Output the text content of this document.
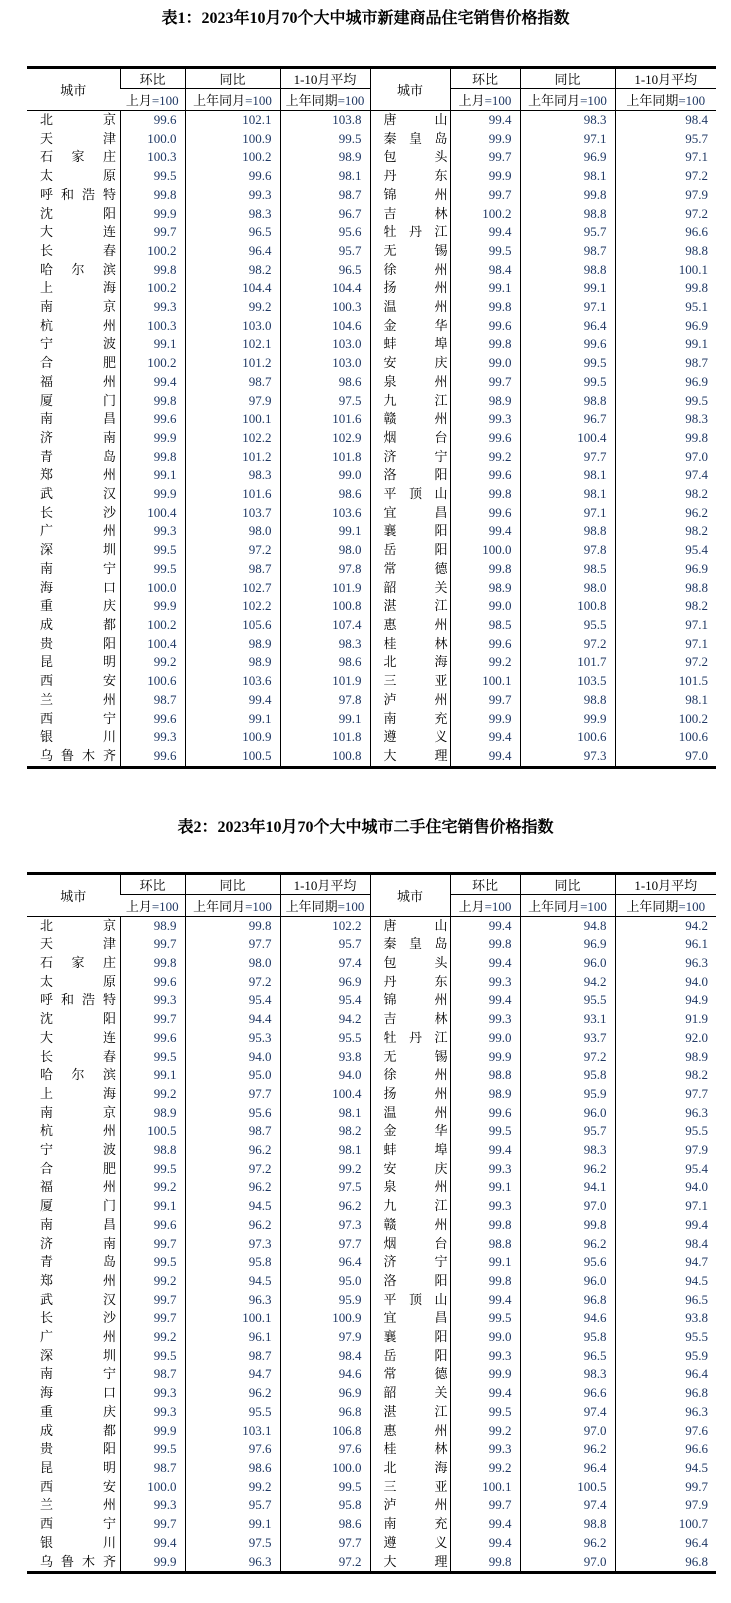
表1：2023年10月70个大中城市新建商品住宅销售价格指数
城市	环比	同比	1-10月平均	城市	环比	同比	1-10月平均
	上月=100	上年同月=100	上年同期=100		上月=100	上年同月=100	上年同期=100

北 京	99.6	102.1	103.8	唐 山	99.4	98.3	98.4

天 津	100.0	100.9	99.5	秦 皇 岛	99.9	97.1	95.7

石 家 庄	100.3	100.2	98.9	包 头	99.7	96.9	97.1

太 原	99.5	99.6	98.1	丹 东	99.9	98.1	97.2

呼 和 浩 特	99.8	99.3	98.7	锦 州	99.7	99.8	97.9

沈 阳	99.9	98.3	96.7	吉 林	100.2	98.8	97.2

大 连	99.7	96.5	95.6	牡 丹 江	99.4	95.7	96.6

长 春	100.2	96.4	95.7	无 锡	99.5	98.7	98.8

哈 尔 滨	99.8	98.2	96.5	徐 州	98.4	98.8	100.1

上 海	100.2	104.4	104.4	扬 州	99.1	99.1	99.8

南 京	99.3	99.2	100.3	温 州	99.8	97.1	95.1

杭 州	100.3	103.0	104.6	金 华	99.6	96.4	96.9

宁 波	99.1	102.1	103.0	蚌 埠	99.8	99.6	99.1

合 肥	100.2	101.2	103.0	安 庆	99.0	99.5	98.7

福 州	99.4	98.7	98.6	泉 州	99.7	99.5	96.9

厦 门	99.8	97.9	97.5	九 江	98.9	98.8	99.5

南 昌	99.6	100.1	101.6	赣 州	99.3	96.7	98.3

济 南	99.9	102.2	102.9	烟 台	99.6	100.4	99.8

青 岛	99.8	101.2	101.8	济 宁	99.2	97.7	97.0

郑 州	99.1	98.3	99.0	洛 阳	99.6	98.1	97.4

武 汉	99.9	101.6	98.6	平 顶 山	99.8	98.1	98.2

长 沙	100.4	103.7	103.6	宜 昌	99.6	97.1	96.2

广 州	99.3	98.0	99.1	襄 阳	99.4	98.8	98.2

深 圳	99.5	97.2	98.0	岳 阳	100.0	97.8	95.4

南 宁	99.5	98.7	97.8	常 德	99.8	98.5	96.9

海 口	100.0	102.7	101.9	韶 关	98.9	98.0	98.8

重 庆	99.9	102.2	100.8	湛 江	99.0	100.8	98.2

成 都	100.2	105.6	107.4	惠 州	98.5	95.5	97.1

贵 阳	100.4	98.9	98.3	桂 林	99.6	97.2	97.1

昆 明	99.2	98.9	98.6	北 海	99.2	101.7	97.2

西 安	100.6	103.6	101.9	三 亚	100.1	103.5	101.5

兰 州	98.7	99.4	97.8	泸 州	99.7	98.8	98.1

西 宁	99.6	99.1	99.1	南 充	99.9	99.9	100.2

银 川	99.3	100.9	101.8	遵 义	99.4	100.6	100.6

乌 鲁 木 齐	99.6	100.5	100.8	大 理	99.4	97.3	97.0
表2：2023年10月70个大中城市二手住宅销售价格指数
城市	环比	同比	1-10月平均	城市	环比	同比	1-10月平均
	上月=100	上年同月=100	上年同期=100		上月=100	上年同月=100	上年同期=100

北 京	98.9	99.8	102.2	唐 山	99.4	94.8	94.2

天 津	99.7	97.7	95.7	秦 皇 岛	99.8	96.9	96.1

石 家 庄	99.8	98.0	97.4	包 头	99.4	96.0	96.3

太 原	99.6	97.2	96.9	丹 东	99.3	94.2	94.0

呼 和 浩 特	99.3	95.4	95.4	锦 州	99.4	95.5	94.9

沈 阳	99.7	94.4	94.2	吉 林	99.3	93.1	91.9

大 连	99.6	95.3	95.5	牡 丹 江	99.0	93.7	92.0

长 春	99.5	94.0	93.8	无 锡	99.9	97.2	98.9

哈 尔 滨	99.1	95.0	94.0	徐 州	98.8	95.8	98.2

上 海	99.2	97.7	100.4	扬 州	98.9	95.9	97.7

南 京	98.9	95.6	98.1	温 州	99.6	96.0	96.3

杭 州	100.5	98.7	98.2	金 华	99.5	95.7	95.5

宁 波	98.8	96.2	98.1	蚌 埠	99.4	98.3	97.9

合 肥	99.5	97.2	99.2	安 庆	99.3	96.2	95.4

福 州	99.2	96.2	97.5	泉 州	99.1	94.1	94.0

厦 门	99.1	94.5	96.2	九 江	99.3	97.0	97.1

南 昌	99.6	96.2	97.3	赣 州	99.8	99.8	99.4

济 南	99.7	97.3	97.7	烟 台	98.8	96.2	98.4

青 岛	99.5	95.8	96.4	济 宁	99.1	95.6	94.7

郑 州	99.2	94.5	95.0	洛 阳	99.8	96.0	94.5

武 汉	99.7	96.3	95.9	平 顶 山	99.4	96.8	96.5

长 沙	99.7	100.1	100.9	宜 昌	99.5	94.6	93.8

广 州	99.2	96.1	97.9	襄 阳	99.0	95.8	95.5

深 圳	99.5	98.7	98.4	岳 阳	99.3	96.5	95.9

南 宁	98.7	94.7	94.6	常 德	99.9	98.3	96.4

海 口	99.3	96.2	96.9	韶 关	99.4	96.6	96.8

重 庆	99.3	95.5	96.8	湛 江	99.5	97.4	96.3

成 都	99.9	103.1	106.8	惠 州	99.2	97.0	97.6

贵 阳	99.5	97.6	97.6	桂 林	99.3	96.2	96.6

昆 明	98.7	98.6	100.0	北 海	99.2	96.4	94.5

西 安	100.0	99.2	99.5	三 亚	100.1	100.5	99.7

兰 州	99.3	95.7	95.8	泸 州	99.7	97.4	97.9

西 宁	99.7	99.1	98.6	南 充	99.4	98.8	100.7

银 川	99.4	97.5	97.7	遵 义	99.4	96.2	96.4

乌 鲁 木 齐	99.9	96.3	97.2	大 理	99.8	97.0	96.8
